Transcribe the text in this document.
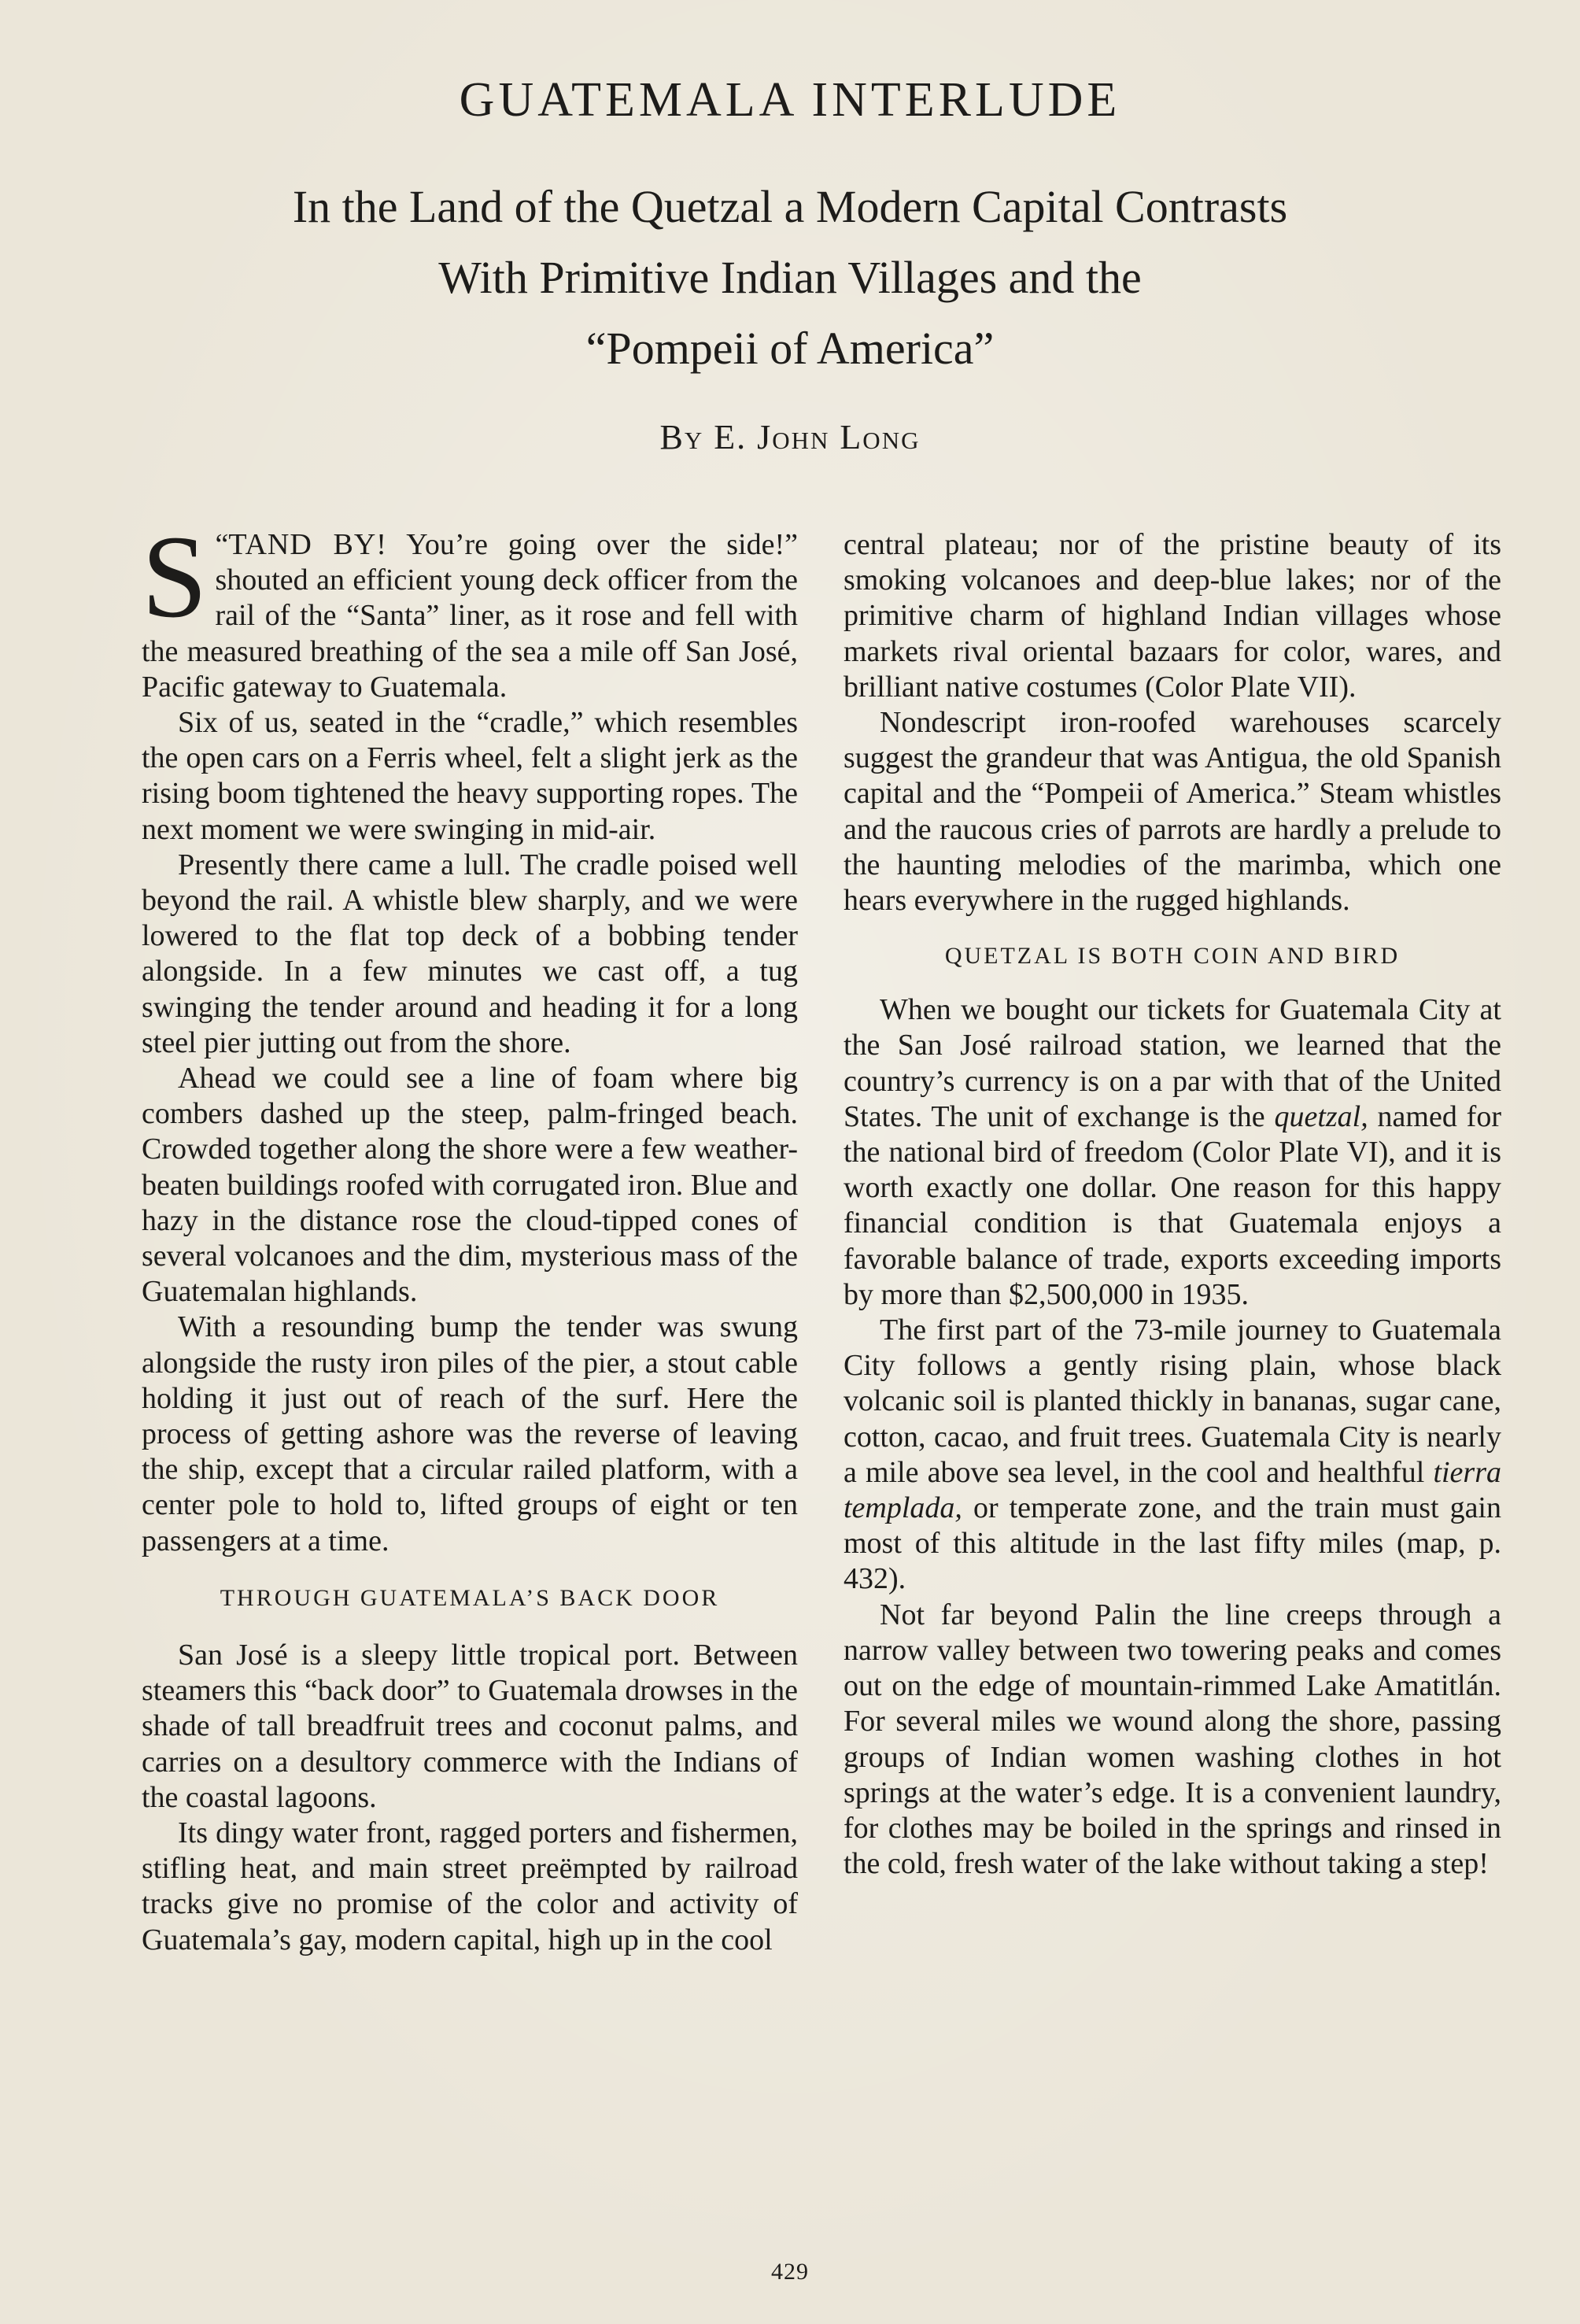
GUATEMALA INTERLUDE
In the Land of the Quetzal a Modern Capital Contrasts
With Primitive Indian Villages and the
“Pompeii of America”
By E. John Long

“
S TAND BY! You’re going over the side!” shouted an efficient young deck officer from the rail of the “Santa” liner, as it rose and fell with the measured breathing of the sea a mile off San José, Pacific gateway to Guatemala.

Six of us, seated in the “cradle,” which resembles the open cars on a Ferris wheel, felt a slight jerk as the rising boom tightened the heavy supporting ropes. The next moment we were swinging in mid-air.

Presently there came a lull. The cradle poised well beyond the rail. A whistle blew sharply, and we were lowered to the flat top deck of a bobbing tender alongside. In a few minutes we cast off, a tug swinging the tender around and heading it for a long steel pier jutting out from the shore.

Ahead we could see a line of foam where big combers dashed up the steep, palm-fringed beach. Crowded together along the shore were a few weather-beaten buildings roofed with corrugated iron. Blue and hazy in the distance rose the cloud-tipped cones of several volcanoes and the dim, mysterious mass of the Guatemalan highlands.

With a resounding bump the tender was swung alongside the rusty iron piles of the pier, a stout cable holding it just out of reach of the surf. Here the process of getting ashore was the reverse of leaving the ship, except that a circular railed platform, with a center pole to hold to, lifted groups of eight or ten passengers at a time.

THROUGH GUATEMALA’S BACK DOOR

San José is a sleepy little tropical port. Between steamers this “back door” to Guatemala drowses in the shade of tall breadfruit trees and coconut palms, and carries on a desultory commerce with the Indians of the coastal lagoons.

Its dingy water front, ragged porters and fishermen, stifling heat, and main street preëmpted by railroad tracks give no promise of the color and activity of Guatemala’s gay, modern capital, high up in the cool

central plateau; nor of the pristine beauty of its smoking volcanoes and deep-blue lakes; nor of the primitive charm of highland Indian villages whose markets rival oriental bazaars for color, wares, and brilliant native costumes (Color Plate VII).

Nondescript iron-roofed warehouses scarcely suggest the grandeur that was Antigua, the old Spanish capital and the “Pompeii of America.” Steam whistles and the raucous cries of parrots are hardly a prelude to the haunting melodies of the marimba, which one hears everywhere in the rugged highlands.

QUETZAL IS BOTH COIN AND BIRD

When we bought our tickets for Guatemala City at the San José railroad station, we learned that the country’s currency is on a par with that of the United States. The unit of exchange is the quetzal, named for the national bird of freedom (Color Plate VI), and it is worth exactly one dollar. One reason for this happy financial condition is that Guatemala enjoys a favorable balance of trade, exports exceeding imports by more than $2,500,000 in 1935.

The first part of the 73-mile journey to Guatemala City follows a gently rising plain, whose black volcanic soil is planted thickly in bananas, sugar cane, cotton, cacao, and fruit trees. Guatemala City is nearly a mile above sea level, in the cool and healthful tierra templada, or temperate zone, and the train must gain most of this altitude in the last fifty miles (map, p. 432).

Not far beyond Palin the line creeps through a narrow valley between two towering peaks and comes out on the edge of mountain-rimmed Lake Amatitlán. For several miles we wound along the shore, passing groups of Indian women washing clothes in hot springs at the water’s edge. It is a convenient laundry, for clothes may be boiled in the springs and rinsed in the cold, fresh water of the lake without taking a step!

429
